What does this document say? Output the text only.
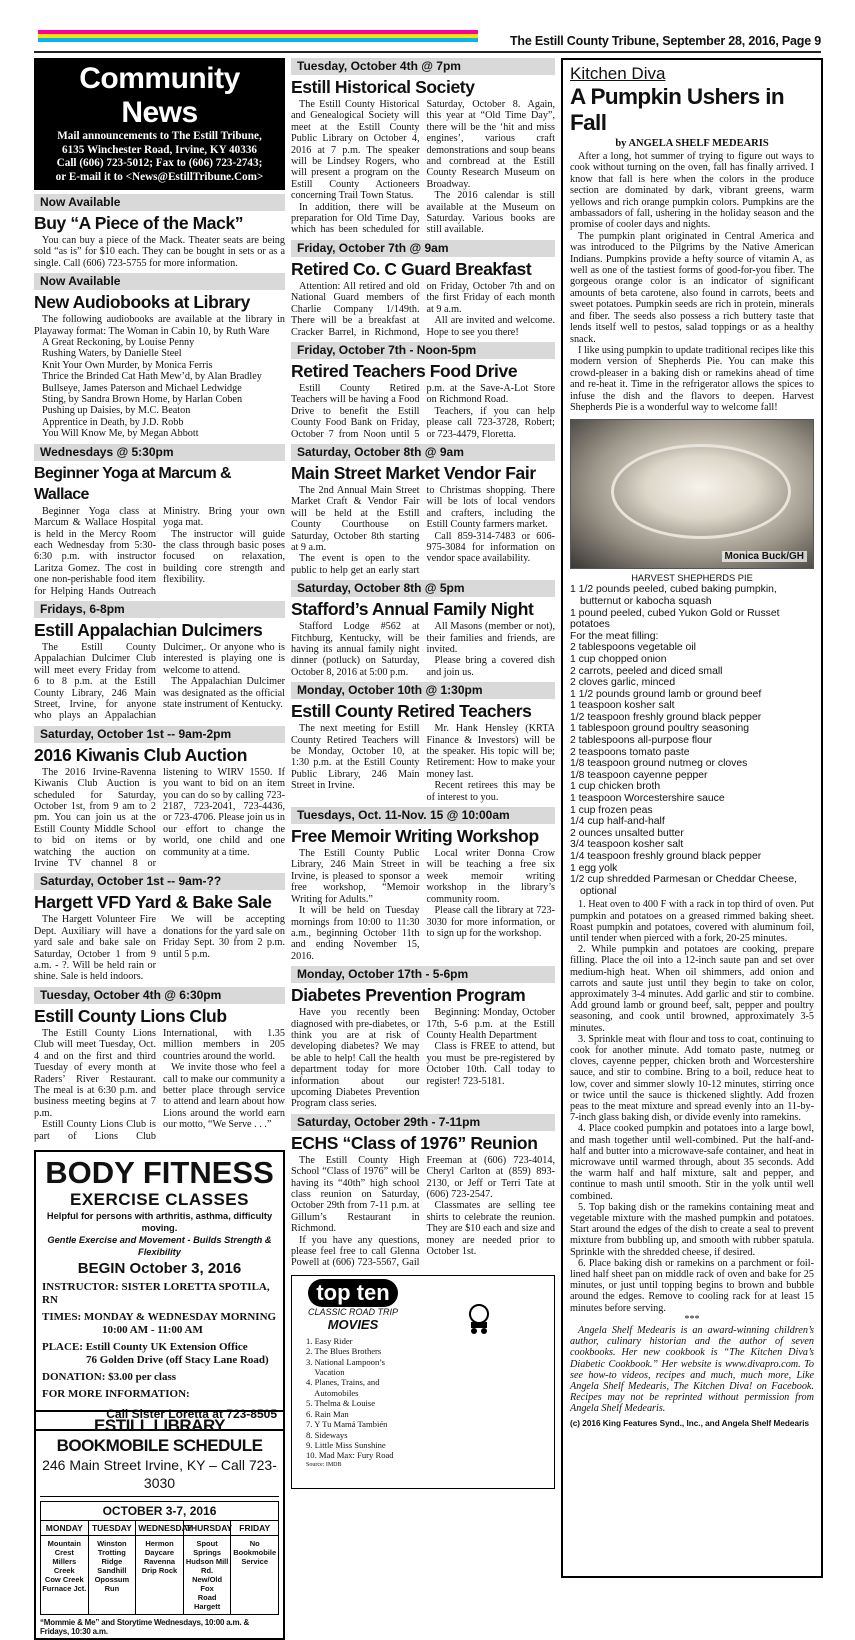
The Estill County Tribune, September 28, 2016, Page 9
Community News
Mail announcements to The Estill Tribune,
6135 Winchester Road, Irvine, KY 40336
Call (606) 723-5012; Fax to (606) 723-2743;
or E-mail it to <News@EstillTribune.Com>
Now Available
Buy “A Piece of the Mack”

You can buy a piece of the Mack. Theater seats are being sold “as is” for $10 each. They can be bought in sets or as a single. Call (606) 723-5755 for more information.

Now Available
New Audiobooks at Library

The following audiobooks are available at the library in Playaway format: The Woman in Cabin 10, by Ruth Ware

A Great Reckoning, by Louise Penny
Rushing Waters, by Danielle Steel
Knit Your Own Murder, by Monica Ferris
Thrice the Brinded Cat Hath Mew’d, by Alan Bradley
Bullseye, James Paterson and Michael Ledwidge
Sting, by Sandra Brown Home, by Harlan Coben
Pushing up Daisies, by M.C. Beaton
Apprentice in Death, by J.D. Robb
You Will Know Me, by Megan Abbott
Wednesdays @ 5:30pm
Beginner Yoga at Marcum & Wallace

Beginner Yoga class at Marcum & Wallace Hospital is held in the Mercy Room each Wednesday from 5:30-6:30 p.m. with instructor Laritza Gomez. The cost in one non-perishable food item for Helping Hands Outreach Ministry. Bring your own yoga mat.

The instructor will guide the class through basic poses focused on relaxation, building core strength and flexibility.

Fridays, 6-8pm
Estill Appalachian Dulcimers

The Estill County Appalachian Dulcimer Club will meet every Friday from 6 to 8 p.m. at the Estill County Library, 246 Main Street, Irvine, for anyone who plays an Appalachian Dulcimer,. Or anyone who is interested is playing one is welcome to attend.

The Appalachian Dulcimer was designated as the official state instrument of Kentucky.

Saturday, October 1st -- 9am-2pm
2016 Kiwanis Club Auction

The 2016 Irvine-Ravenna Kiwanis Club Auction is scheduled for Saturday, October 1st, from 9 am to 2 pm. You can join us at the Estill County Middle School to bid on items or by watching the auction on Irvine TV channel 8 or listening to WIRV 1550. If you want to bid on an item you can do so by calling 723-2187, 723-2041, 723-4436, or 723-4706. Please join us in our effort to change the world, one child and one community at a time.

Saturday, October 1st -- 9am-??
Hargett VFD Yard & Bake Sale

The Hargett Volunteer Fire Dept. Auxiliary will have a yard sale and bake sale on Saturday, October 1 from 9 a.m. - ?. Will be held rain or shine. Sale is held indoors.

We will be accepting donations for the yard sale on Friday Sept. 30 from 2 p.m. until 5 p.m.

Tuesday, October 4th @ 6:30pm
Estill County Lions Club

The Estill County Lions Club will meet Tuesday, Oct. 4 and on the first and third Tuesday of every month at Raders’ River Restaurant. The meal is at 6:30 p.m. and business meeting begins at 7 p.m.

Estill County Lions Club is part of Lions Club International, with 1.35 million members in 205 countries around the world.

We invite those who feel a call to make our community a better place through service to attend and learn about how Lions around the world earn our motto, “We Serve . . .”

BODY FITNESS
EXERCISE CLASSES
Helpful for persons with arthritis, asthma, difficulty moving.
Gentle Exercise and Movement - Builds Strength & Flexibility
BEGIN October 3, 2016
INSTRUCTOR: SISTER LORETTA SPOTILA, RN
TIMES: MONDAY & WEDNESDAY MORNING
10:00 AM - 11:00 AM
PLACE: Estill County UK Extension Office
76 Golden Drive (off Stacy Lane Road)
DONATION: $3.00 per class
FOR MORE INFORMATION:
Call Sister Loretta at 723-8505
ESTILL LIBRARY BOOKMOBILE SCHEDULE
246 Main Street Irvine, KY – Call 723-3030
OCTOBER 3-7, 2016				
MONDAY	TUESDAY	WEDNESDAY	THURSDAY	FRIDAY
Mountain Crest
Millers Creek
Cow Creek
Furnace Jct.	Winston
Trotting Ridge
Sandhill
Opossum Run	Hermon Daycare
Ravenna
Drip Rock	Spout Springs
Hudson Mill Rd.
New/Old Fox
Road
Hargett	No
Bookmobile
Service
“Mommie & Me” and Storytime Wednesdays, 10:00 a.m. & Fridays, 10:30 a.m.
Tuesday, October 4th @ 7pm
Estill Historical Society

The Estill County Historical and Genealogical Society will meet at the Estill County Public Library on October 4, 2016 at 7 p.m. The speaker will be Lindsey Rogers, who will present a program on the Estill County Actioneers concerning Trail Town Status.

In addition, there will be preparation for Old Time Day, which has been scheduled for Saturday, October 8. Again, this year at “Old Time Day”, there will be the ‘hit and miss engines’, various craft demonstrations and soup beans and cornbread at the Estill County Research Museum on Broadway.

The 2016 calendar is still available at the Museum on Saturday. Various books are still available.

Friday, October 7th @ 9am
Retired Co. C Guard Breakfast

Attention: All retired and old National Guard members of Charlie Company 1/149th. There will be a breakfast at Cracker Barrel, in Richmond, on Friday, October 7th and on the first Friday of each month at 9 a.m.

All are invited and welcome. Hope to see you there!

Friday, October 7th - Noon-5pm
Retired Teachers Food Drive

Estill County Retired Teachers will be having a Food Drive to benefit the Estill County Food Bank on Friday, October 7 from Noon until 5 p.m. at the Save-A-Lot Store on Richmond Road.

Teachers, if you can help please call 723-3728, Robert; or 723-4479, Floretta.

Saturday, October 8th @ 9am
Main Street Market Vendor Fair

The 2nd Annual Main Street Market Craft & Vendor Fair will be held at the Estill County Courthouse on Saturday, October 8th starting at 9 a.m.

The event is open to the public to help get an early start to Christmas shopping. There will be lots of local vendors and crafters, including the Estill County farmers market.

Call 859-314-7483 or 606-975-3084 for information on vendor space availability.

Saturday, October 8th @ 5pm
Stafford’s Annual Family Night

Stafford Lodge #562 at Fitchburg, Kentucky, will be having its annual family night dinner (potluck) on Saturday, October 8, 2016 at 5:00 p.m.

All Masons (member or not), their families and friends, are invited.

Please bring a covered dish and join us.

Monday, October 10th @ 1:30pm
Estill County Retired Teachers

The next meeting for Estill County Retired Teachers will be Monday, October 10, at 1:30 p.m. at the Estill County Public Library, 246 Main Street in Irvine.

Mr. Hank Hensley (KRTA Finance & Investors) will be the speaker. His topic will be; Retirement: How to make your money last.

Recent retirees this may be of interest to you.

Tuesdays, Oct. 11-Nov. 15 @ 10:00am
Free Memoir Writing Workshop

The Estill County Public Library, 246 Main Street in Irvine, is pleased to sponsor a free workshop, “Memoir Writing for Adults.”

It will be held on Tuesday mornings from 10:00 to 11:30 a.m., beginning October 11th and ending November 15, 2016.

Local writer Donna Crow will be teaching a free six week memoir writing workshop in the library’s community room.

Please call the library at 723-3030 for more information, or to sign up for the workshop.

Monday, October 17th - 5-6pm
Diabetes Prevention Program

Have you recently been diagnosed with pre-diabetes, or think you are at risk of developing diabetes? We may be able to help! Call the health department today for more information about our upcoming Diabetes Prevention Program class series.

Beginning: Monday, October 17th, 5-6 p.m. at the Estill County Health Department

Class is FREE to attend, but you must be pre-registered by October 10th. Call today to register! 723-5181.

Saturday, October 29th - 7-11pm
ECHS “Class of 1976” Reunion

The Estill County High School “Class of 1976” will be having its “40th” high school class reunion on Saturday, October 29th from 7-11 p.m. at Gillum’s Restaurant in Richmond.

If you have any questions, please feel free to call Glenna Powell at (606) 723-5567, Gail Freeman at (606) 723-4014, Cheryl Carlton at (859) 893-2130, or Jeff or Terri Tate at (606) 723-2547.

Classmates are selling tee shirts to celebrate the reunion. They are $10 each and size and money are needed prior to October 1st.

top ten
CLASSIC ROAD TRIP
MOVIES
1. Easy Rider
2. The Blues Brothers
3. National Lampoon’s
Vacation
4. Planes, Trains, and
Automobiles
5. Thelma & Louise
6. Rain Man
7. Y Tu Mamá También
8. Sideways
9. Little Miss Sunshine
10. Mad Max: Fury Road
Source: IMDB
Kitchen Diva
A Pumpkin Ushers in Fall
by ANGELA SHELF MEDEARIS

After a long, hot summer of trying to figure out ways to cook without turning on the oven, fall has finally arrived. I know that fall is here when the colors in the produce section are dominated by dark, vibrant greens, warm yellows and rich orange pumpkin colors. Pumpkins are the ambassadors of fall, ushering in the holiday season and the promise of cooler days and nights.

The pumpkin plant originated in Central America and was introduced to the Pilgrims by the Native American Indians. Pumpkins provide a hefty source of vitamin A, as well as one of the tastiest forms of good-for-you fiber. The gorgeous orange color is an indicator of significant amounts of beta carotene, also found in carrots, beets and sweet potatoes. Pumpkin seeds are rich in protein, minerals and fiber. The seeds also possess a rich buttery taste that lends itself well to pestos, salad toppings or as a healthy snack.

I like using pumpkin to update traditional recipes like this modern version of Shepherds Pie. You can make this crowd-pleaser in a baking dish or ramekins ahead of time and re-heat it. Time in the refrigerator allows the spices to infuse the dish and the flavors to deepen. Harvest Shepherds Pie is a wonderful way to welcome fall!

Monica Buck/GH
HARVEST SHEPHERDS PIE
1 1/2 pounds peeled, cubed baking pumpkin,
butternut or kabocha squash
1 pound peeled, cubed Yukon Gold or Russet potatoes
For the meat filling:
2 tablespoons vegetable oil
1 cup chopped onion
2 carrots, peeled and diced small
2 cloves garlic, minced
1 1/2 pounds ground lamb or ground beef
1 teaspoon kosher salt
1/2 teaspoon freshly ground black pepper
1 tablespoon ground poultry seasoning
2 tablespoons all-purpose flour
2 teaspoons tomato paste
1/8 teaspoon ground nutmeg or cloves
1/8 teaspoon cayenne pepper
1 cup chicken broth
1 teaspoon Worcestershire sauce
1 cup frozen peas
1/4 cup half-and-half
2 ounces unsalted butter
3/4 teaspoon kosher salt
1/4 teaspoon freshly ground black pepper
1 egg yolk
1/2 cup shredded Parmesan or Cheddar Cheese,
optional

1. Heat oven to 400 F with a rack in top third of oven. Put pumpkin and potatoes on a greased rimmed baking sheet. Roast pumpkin and potatoes, covered with aluminum foil, until tender when pierced with a fork, 20-25 minutes.

2. While pumpkin and potatoes are cooking, prepare filling. Place the oil into a 12-inch saute pan and set over medium-high heat. When oil shimmers, add onion and carrots and saute just until they begin to take on color, approximately 3-4 minutes. Add garlic and stir to combine. Add ground lamb or ground beef, salt, pepper and poultry seasoning, and cook until browned, approximately 3-5 minutes.

3. Sprinkle meat with flour and toss to coat, continuing to cook for another minute. Add tomato paste, nutmeg or cloves, cayenne pepper, chicken broth and Worcestershire sauce, and stir to combine. Bring to a boil, reduce heat to low, cover and simmer slowly 10-12 minutes, stirring once or twice until the sauce is thickened slightly. Add frozen peas to the meat mixture and spread evenly into an 11-by-7-inch glass baking dish, or divide evenly into ramekins.

4. Place cooked pumpkin and potatoes into a large bowl, and mash together until well-combined. Put the half-and-half and butter into a microwave-safe container, and heat in microwave until warmed through, about 35 seconds. Add the warm half and half mixture, salt and pepper, and continue to mash until smooth. Stir in the yolk until well combined.

5. Top baking dish or the ramekins containing meat and vegetable mixture with the mashed pumpkin and potatoes. Start around the edges of the dish to create a seal to prevent mixture from bubbling up, and smooth with rubber spatula. Sprinkle with the shredded cheese, if desired.

6. Place baking dish or ramekins on a parchment or foil-lined half sheet pan on middle rack of oven and bake for 25 minutes, or just until topping begins to brown and bubble around the edges. Remove to cooling rack for at least 15 minutes before serving.

***

Angela Shelf Medearis is an award-winning children’s author, culinary historian and the author of seven cookbooks. Her new cookbook is “The Kitchen Diva’s Diabetic Cookbook.” Her website is www.divapro.com. To see how-to videos, recipes and much, much more, Like Angela Shelf Medearis, The Kitchen Diva! on Facebook. Recipes may not be reprinted without permission from Angela Shelf Medearis.

(c) 2016 King Features Synd., Inc., and Angela Shelf Medearis
